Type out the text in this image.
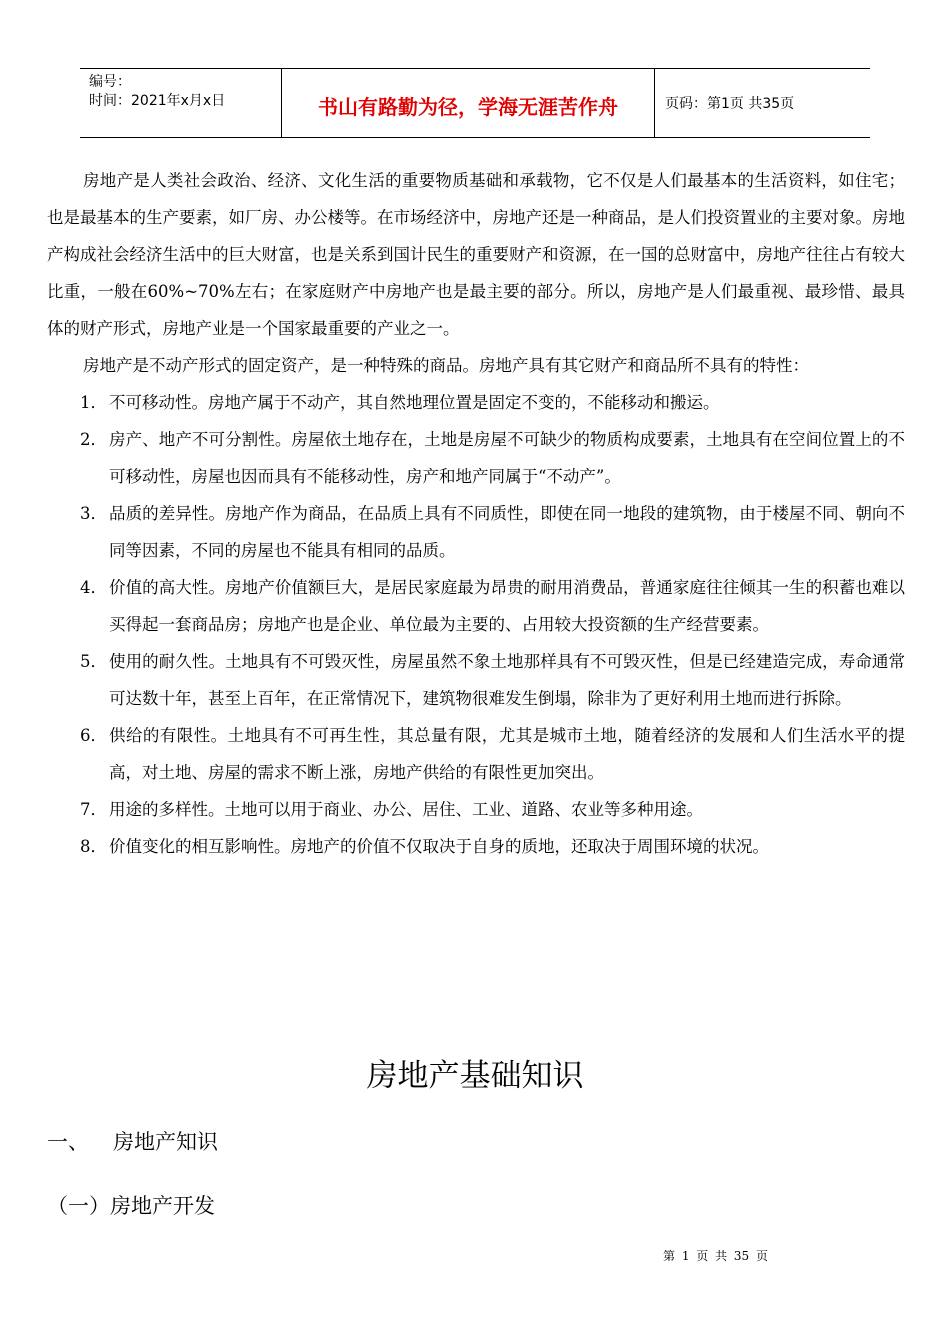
编号：
时间：2021年x月x日	书山有路勤为径，学海无涯苦作舟	页码：第1页 共35页

房地产是人类社会政治、经济、文化生活的重要物质基础和承载物，它不仅是人们最基本的生活资料，如住宅；也是最基本的生产要素，如厂房、办公楼等。在市场经济中，房地产还是一种商品，是人们投资置业的主要对象。房地产构成社会经济生活中的巨大财富，也是关系到国计民生的重要财产和资源，在一国的总财富中，房地产往往占有较大比重，一般在60%~70%左右；在家庭财产中房地产也是最主要的部分。所以，房地产是人们最重视、最珍惜、最具体的财产形式，房地产业是一个国家最重要的产业之一。

房地产是不动产形式的固定资产，是一种特殊的商品。房地产具有其它财产和商品所不具有的特性：

1． 不可移动性。房地产属于不动产，其自然地理位置是固定不变的，不能移动和搬运。
2． 房产、地产不可分割性。房屋依土地存在，土地是房屋不可缺少的物质构成要素，土地具有在空间位置上的不可移动性，房屋也因而具有不能移动性，房产和地产同属于“不动产”。
3． 品质的差异性。房地产作为商品，在品质上具有不同质性，即使在同一地段的建筑物，由于楼屋不同、朝向不同等因素，不同的房屋也不能具有相同的品质。
4． 价值的高大性。房地产价值额巨大，是居民家庭最为昂贵的耐用消费品，普通家庭往往倾其一生的积蓄也难以买得起一套商品房；房地产也是企业、单位最为主要的、占用较大投资额的生产经营要素。
5． 使用的耐久性。土地具有不可毁灭性，房屋虽然不象土地那样具有不可毁灭性，但是已经建造完成，寿命通常可达数十年，甚至上百年，在正常情况下，建筑物很难发生倒塌，除非为了更好利用土地而进行拆除。
6． 供给的有限性。土地具有不可再生性，其总量有限，尤其是城市土地，随着经济的发展和人们生活水平的提高，对土地、房屋的需求不断上涨，房地产供给的有限性更加突出。
7． 用途的多样性。土地可以用于商业、办公、居住、工业、道路、农业等多种用途。
8． 价值变化的相互影响性。房地产的价值不仅取决于自身的质地，还取决于周围环境的状况。
房地产基础知识
一、 房地产知识
（一）房地产开发
第 1 页 共 35 页
